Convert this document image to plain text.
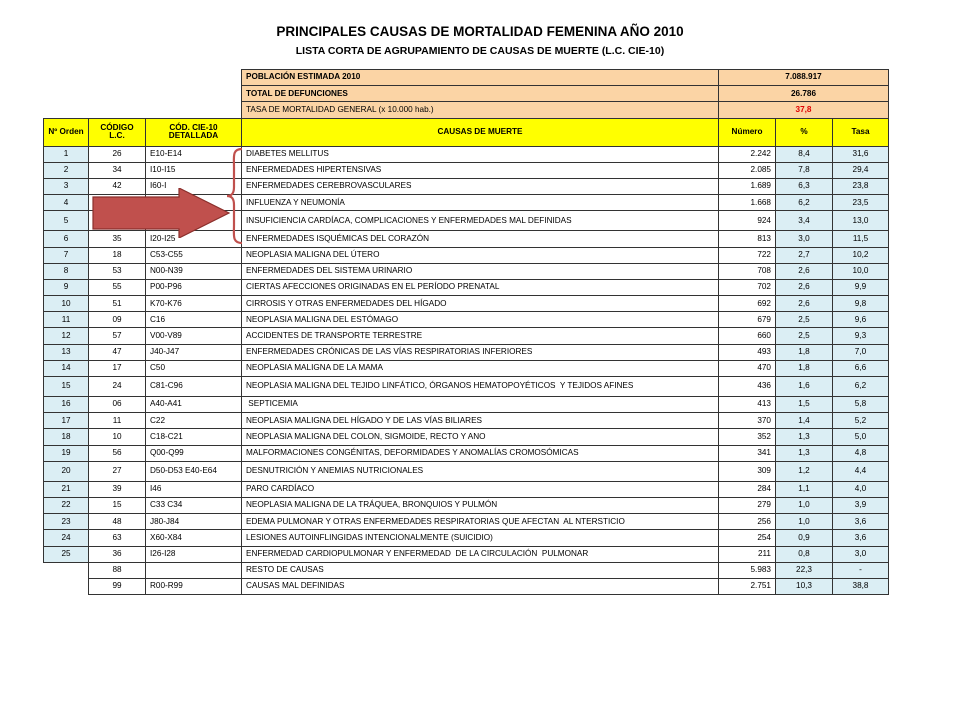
PRINCIPALES CAUSAS DE MORTALIDAD FEMENINA AÑO 2010
LISTA CORTA DE AGRUPAMIENTO DE CAUSAS DE MUERTE (L.C. CIE-10)
			POBLACIÓN ESTIMADA 2010	7.088.917		
			TOTAL DE DEFUNCIONES	26.786		
			TASA DE MORTALIDAD GENERAL (x 10.000 hab.)	37,8		
Nº Orden	CÓDIGO L.C.	CÓD. CIE-10 DETALLADA	CAUSAS DE MUERTE	Número	%	Tasa
1	26	E10-E14	DIABETES MELLITUS	2.242	8,4	31,6
2	34	I10-I15	ENFERMEDADES HIPERTENSIVAS	2.085	7,8	29,4
3	42	I60-I	ENFERMEDADES CEREBROVASCULARES	1.689	6,3	23,8
4			INFLUENZA Y NEUMONÍA	1.668	6,2	23,5
5			INSUFICIENCIA CARDÍACA, COMPLICACIONES Y ENFERMEDADES MAL DEFINIDAS	924	3,4	13,0
6	35	I20-I25	ENFERMEDADES ISQUÉMICAS DEL CORAZÓN	813	3,0	11,5
7	18	C53-C55	NEOPLASIA MALIGNA DEL ÚTERO	722	2,7	10,2
8	53	N00-N39	ENFERMEDADES DEL SISTEMA URINARIO	708	2,6	10,0
9	55	P00-P96	CIERTAS AFECCIONES ORIGINADAS EN EL PERÍODO PRENATAL	702	2,6	9,9
10	51	K70-K76	CIRROSIS Y OTRAS ENFERMEDADES DEL HÍGADO	692	2,6	9,8
11	09	C16	NEOPLASIA MALIGNA DEL ESTÓMAGO	679	2,5	9,6
12	57	V00-V89	ACCIDENTES DE TRANSPORTE TERRESTRE	660	2,5	9,3
13	47	J40-J47	ENFERMEDADES CRÓNICAS DE LAS VÍAS RESPIRATORIAS INFERIORES	493	1,8	7,0
14	17	C50	NEOPLASIA MALIGNA DE LA MAMA	470	1,8	6,6
15	24	C81-C96	NEOPLASIA MALIGNA DEL TEJIDO LINFÁTICO, ÓRGANOS HEMATOPOYÉTICOS  Y TEJIDOS AFINES	436	1,6	6,2
16	06	A40-A41	SEPTICEMIA	413	1,5	5,8
17	11	C22	NEOPLASIA MALIGNA DEL HÍGADO Y DE LAS VÍAS BILIARES	370	1,4	5,2
18	10	C18-C21	NEOPLASIA MALIGNA DEL COLON, SIGMOIDE, RECTO Y ANO	352	1,3	5,0
19	56	Q00-Q99	MALFORMACIONES CONGÉNITAS, DEFORMIDADES Y ANOMALÍAS CROMOSÓMICAS	341	1,3	4,8
20	27	D50-D53 E40-E64	DESNUTRICIÓN Y ANEMIAS NUTRICIONALES	309	1,2	4,4
21	39	I46	PARO CARDÍACO	284	1,1	4,0
22	15	C33 C34	NEOPLASIA MALIGNA DE LA TRÁQUEA, BRONQUIOS Y PULMÓN	279	1,0	3,9
23	48	J80-J84	EDEMA PULMONAR Y OTRAS ENFERMEDADES RESPIRATORIAS QUE AFECTAN  AL NTERSTICIO	256	1,0	3,6
24	63	X60-X84	LESIONES AUTOINFLINGIDAS INTENCIONALMENTE (SUICIDIO)	254	0,9	3,6
25	36	I26-I28	ENFERMEDAD CARDIOPULMONAR Y ENFERMEDAD  DE LA CIRCULACIÓN  PULMONAR	211	0,8	3,0
	88		RESTO DE CAUSAS	5.983	22,3	-
	99	R00-R99	CAUSAS MAL DEFINIDAS	2.751	10,3	38,8
